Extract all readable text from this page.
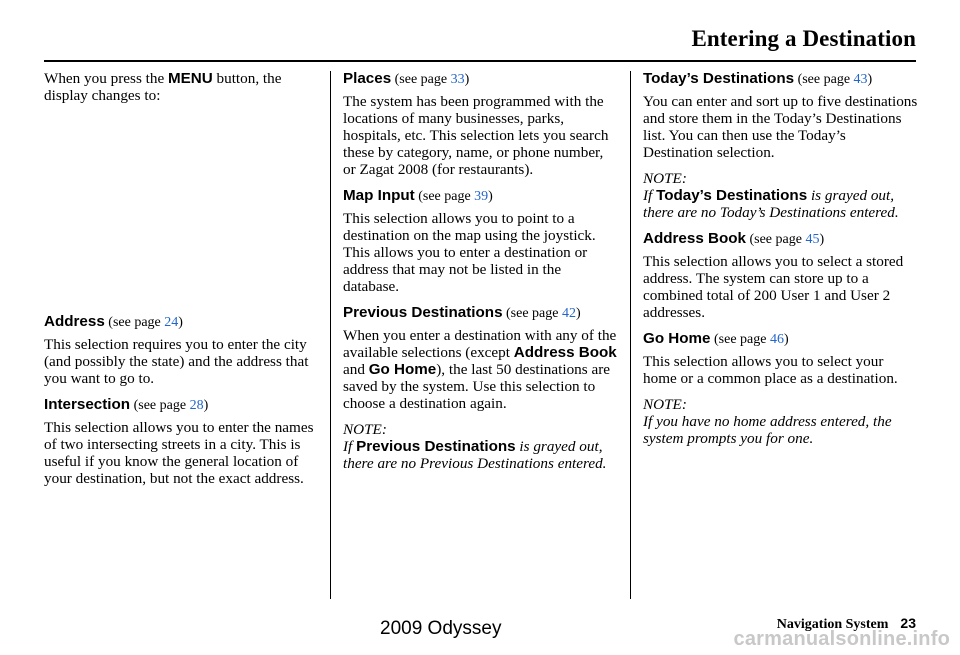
Entering a Destination

When you press the MENU button, the display changes to:

Address (see page 24)

This selection requires you to enter the city (and possibly the state) and the address that you want to go to.

Intersection (see page 28)

This selection allows you to enter the names of two intersecting streets in a city. This is useful if you know the general location of your destination, but not the exact address.

Places (see page 33)

The system has been programmed with the locations of many businesses, parks, hospitals, etc. This selection lets you search these by category, name, or phone number, or Zagat 2008 (for restaurants).

Map Input (see page 39)

This selection allows you to point to a destination on the map using the joystick. This allows you to enter a destination or address that may not be listed in the database.

Previous Destinations (see page 42)

When you enter a destination with any of the available selections (except Address Book and Go Home), the last 50 destinations are saved by the system. Use this selection to choose a destination again.

NOTE:

If Previous Destinations is grayed out, there are no Previous Destinations entered.

Today’s Destinations (see page 43)

You can enter and sort up to five destinations and store them in the Today’s Destinations list. You can then use the Today’s Destination selection.

NOTE:

If Today’s Destinations is grayed out, there are no Today’s Destinations entered.

Address Book (see page 45)

This selection allows you to select a stored address. The system can store up to a combined total of 200 User 1 and User 2 addresses.

Go Home (see page 46)

This selection allows you to select your home or a common place as a destination.

NOTE:

If you have no home address entered, the system prompts you for one.

Navigation System 23
2009 Odyssey	carmanualsonline.info
